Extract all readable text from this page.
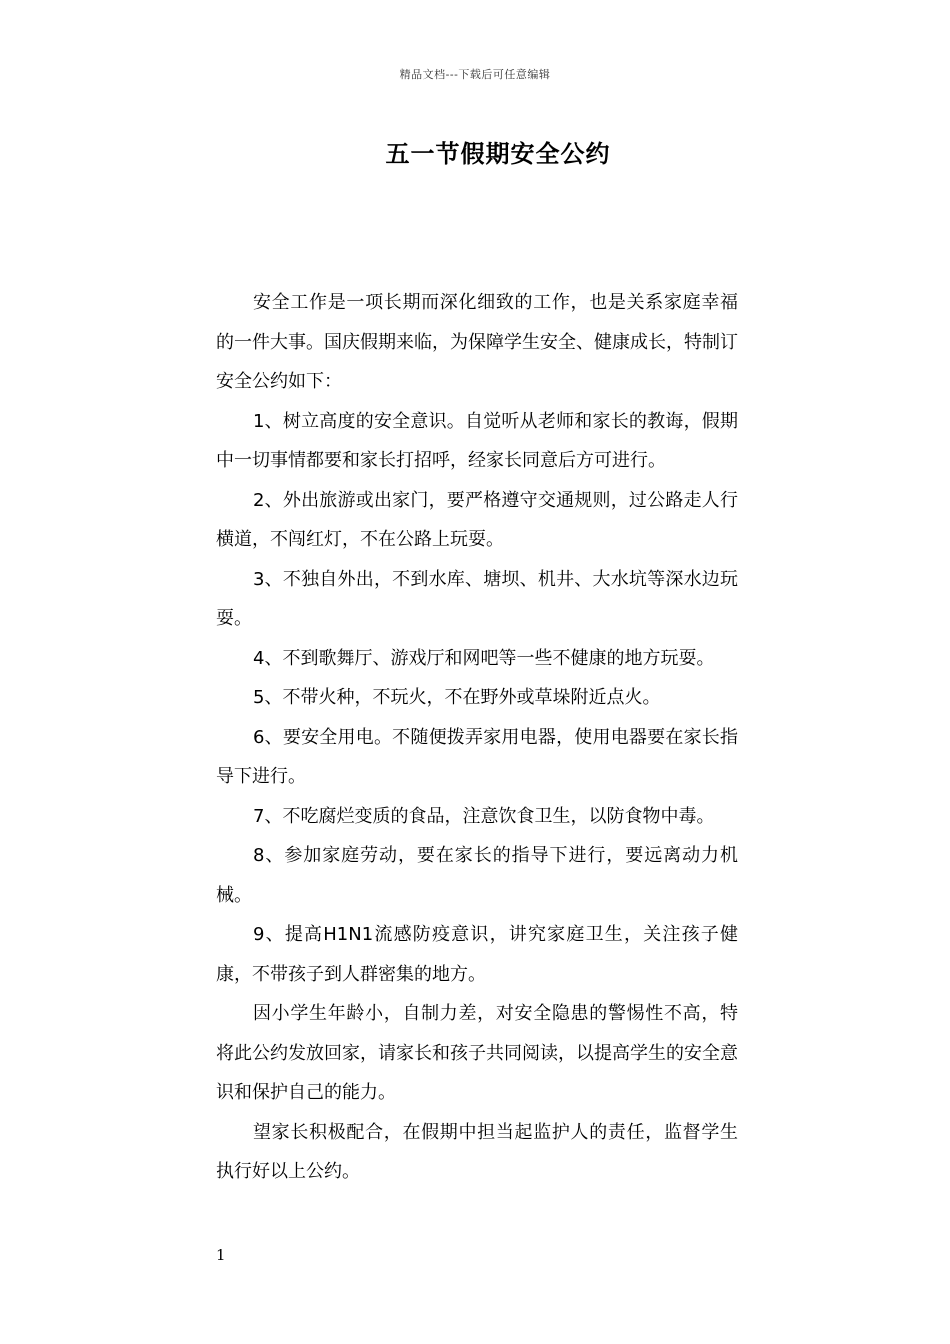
精品文档---下载后可任意编辑
五一节假期安全公约

安全工作是一项长期而深化细致的工作，也是关系家庭幸福的一件大事。国庆假期来临，为保障学生安全、健康成长，特制订安全公约如下：

1、树立高度的安全意识。自觉听从老师和家长的教诲，假期中一切事情都要和家长打招呼，经家长同意后方可进行。

2、外出旅游或出家门，要严格遵守交通规则，过公路走人行横道，不闯红灯，不在公路上玩耍。

3、不独自外出，不到水库、塘坝、机井、大水坑等深水边玩耍。

4、不到歌舞厅、游戏厅和网吧等一些不健康的地方玩耍。

5、不带火种，不玩火，不在野外或草垛附近点火。

6、要安全用电。不随便拨弄家用电器，使用电器要在家长指导下进行。

7、不吃腐烂变质的食品，注意饮食卫生，以防食物中毒。

8、参加家庭劳动，要在家长的指导下进行，要远离动力机械。

9、提高H1N1流感防疫意识，讲究家庭卫生，关注孩子健康，不带孩子到人群密集的地方。

因小学生年龄小，自制力差，对安全隐患的警惕性不高，特将此公约发放回家，请家长和孩子共同阅读，以提高学生的安全意识和保护自己的能力。

望家长积极配合，在假期中担当起监护人的责任，监督学生执行好以上公约。

1
